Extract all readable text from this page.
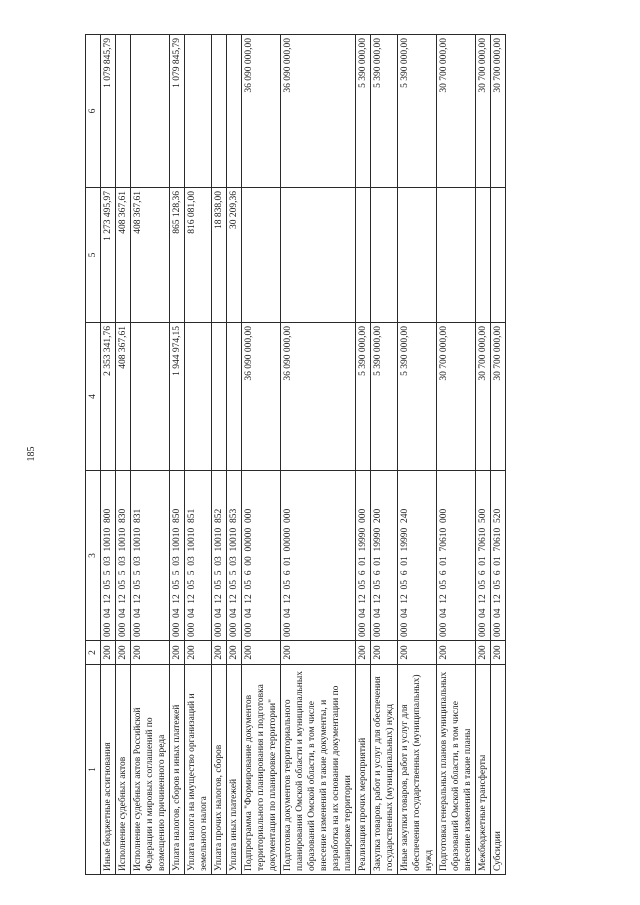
185
1	2	3	4	5	6
Иные бюджетные ассигнования	200	000  04  12  05  5  03  10010  800	2 353 341,76	1 273 495,97	1 079 845,79
Исполнение судебных актов	200	000  04  12  05  5  03  10010  830	408 367,61	408 367,61	
Исполнение судебных актов Российской Федерации и мировых соглашений по возмещению причиненного вреда	200	000  04  12  05  5  03  10010  831		408 367,61	
Уплата налогов, сборов и иных платежей	200	000  04  12  05  5  03  10010  850	1 944 974,15	865 128,36	1 079 845,79
Уплата налога на имущество организаций и земельного налога	200	000  04  12  05  5  03  10010  851		816 081,00	
Уплата прочих налогов, сборов	200	000  04  12  05  5  03  10010  852		18 838,00	
Уплата иных платежей	200	000  04  12  05  5  03  10010  853		30 209,36	
Подпрограмма "Формирование документов территориального планирования и подготовка документации по планировке территории"	200	000  04  12  05  6  00  00000  000	36 090 000,00		36 090 000,00
Подготовка документов территориального планирования Омской области и муниципальных образований Омской области, в том числе внесение изменений в такие документы, и разработка на их основании документации по планировке территории	200	000  04  12  05  6  01  00000  000	36 090 000,00		36 090 000,00
Реализация прочих мероприятий	200	000  04  12  05  6  01  19990  000	5 390 000,00		5 390 000,00
Закупка товаров, работ и услуг для обеспечения государственных (муниципальных) нужд	200	000  04  12  05  6  01  19990  200	5 390 000,00		5 390 000,00
Иные закупки товаров, работ и услуг для обеспечения государственных (муниципальных) нужд	200	000  04  12  05  6  01  19990  240	5 390 000,00		5 390 000,00
Подготовка генеральных планов муниципальных образований Омской области, в том числе внесение изменений в такие планы	200	000  04  12  05  6  01  70610  000	30 700 000,00		30 700 000,00
Межбюджетные трансферты	200	000  04  12  05  6  01  70610  500	30 700 000,00		30 700 000,00
Субсидии	200	000  04  12  05  6  01  70610  520	30 700 000,00		30 700 000,00
